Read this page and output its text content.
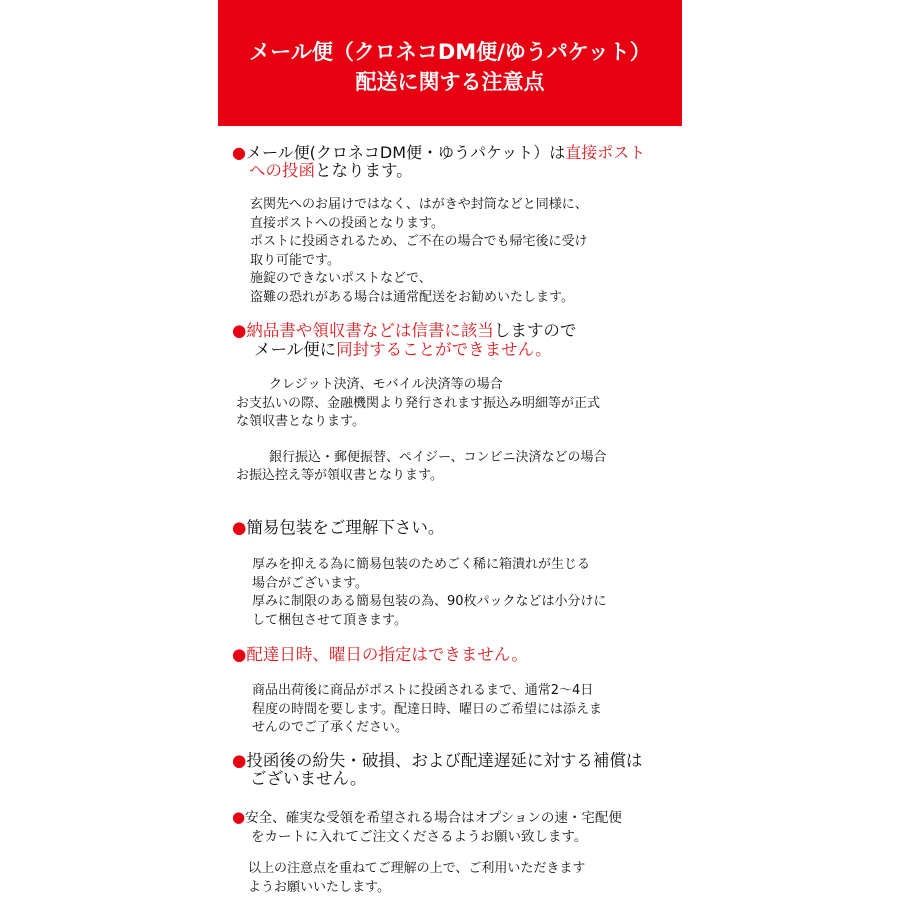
メール便（クロネコDM便/ゆうパケット）
配送に関する注意点
●メール便(クロネコDM便・ゆうパケット）は直接ポスト
への投函となります。
玄関先へのお届けではなく、はがきや封筒などと同様に、
直接ポストへの投函となります。
ポストに投函されるため、ご不在の場合でも帰宅後に受け
取り可能です。
施錠のできないポストなどで、
盗難の恐れがある場合は通常配送をお勧めいたします。
●納品書や領収書などは信書に該当しますので
メール便に同封することができません。
クレジット決済、モバイル決済等の場合
お支払いの際、金融機関より発行されます振込み明細等が正式
な領収書となります。
銀行振込・郵便振替、ペイジー、コンビニ決済などの場合
お振込控え等が領収書となります。
●簡易包装をご理解下さい。
厚みを抑える為に簡易包装のためごく稀に箱潰れが生じる
場合がございます。
厚みに制限のある簡易包装の為、90枚パックなどは小分けに
して梱包させて頂きます。
●配達日時、曜日の指定はできません。
商品出荷後に商品がポストに投函されるまで、通常2～4日
程度の時間を要します。配達日時、曜日のご希望には添えま
せんのでご了承ください。
●投函後の紛失・破損、および配達遅延に対する補償は
ございません。
●安全、確実な受領を希望される場合はオプションの速・宅配便
をカートに入れてご注文くださるようお願い致します。
以上の注意点を重ねてご理解の上で、ご利用いただきます
ようお願いいたします。
